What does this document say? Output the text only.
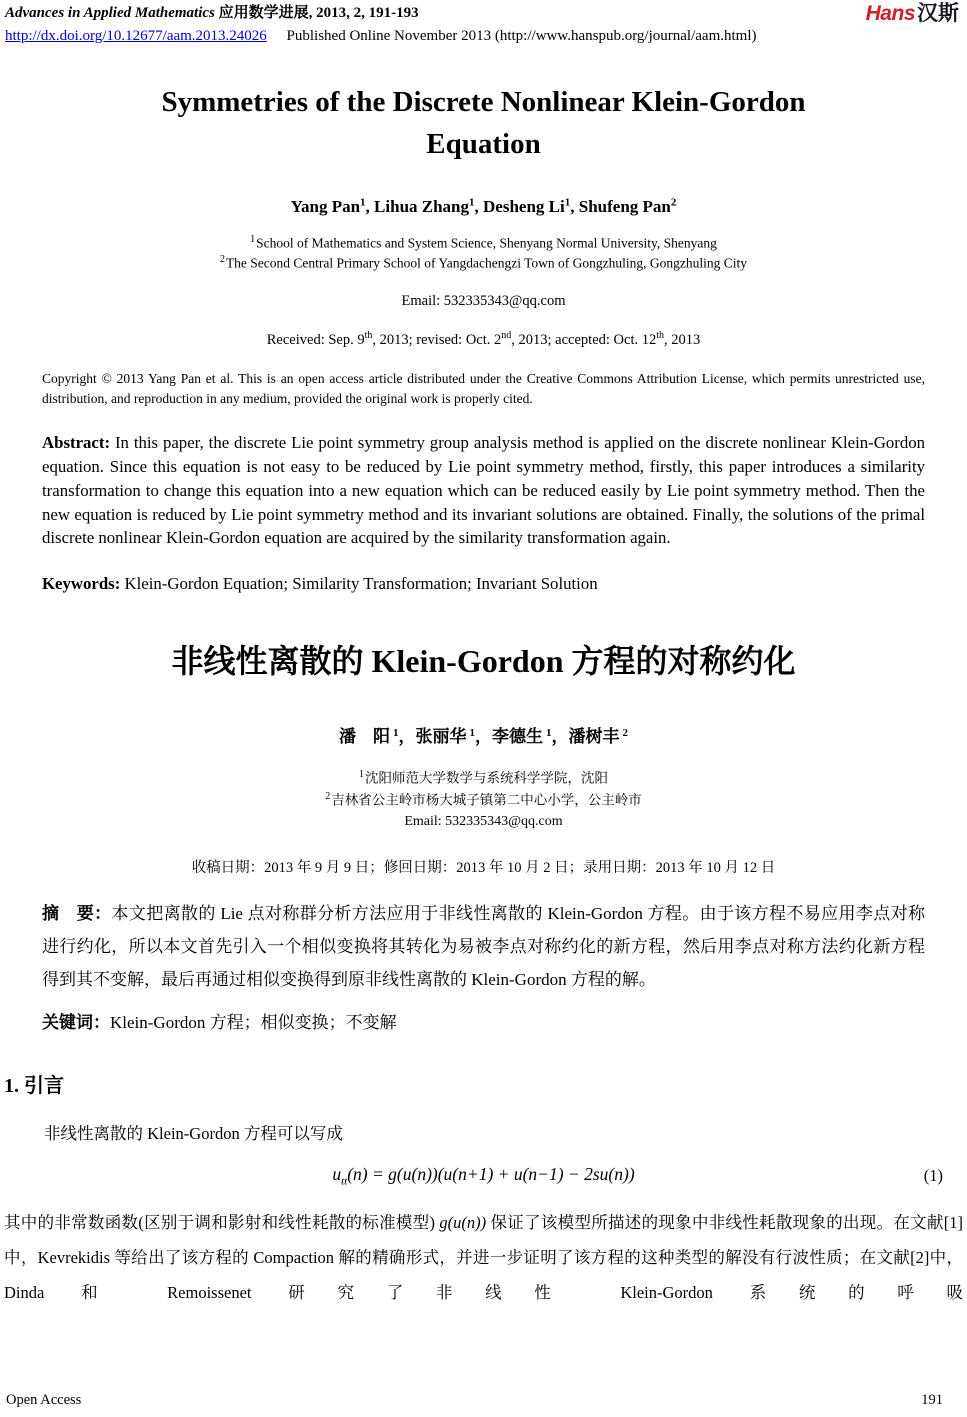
Advances in Applied Mathematics 应用数学进展, 2013, 2, 191-193	Hans汉斯
http://dx.doi.org/10.12677/aam.2013.24026 Published Online November 2013 (http://www.hanspub.org/journal/aam.html)
Symmetries of the Discrete Nonlinear Klein-Gordon
Equation
Yang Pan$^1$, Lihua Zhang$^1$, Desheng Li$^1$, Shufeng Pan$^2$
$^1$School of Mathematics and System Science, Shenyang Normal University, Shenyang
$^2$The Second Central Primary School of Yangdachengzi Town of Gongzhuling, Gongzhuling City
Email: 532335343@qq.com
Received: Sep. 9th, 2013; revised: Oct. 2nd, 2013; accepted: Oct. 12th, 2013

Copyright © 2013 Yang Pan et al. This is an open access article distributed under the Creative Commons Attribution License, which permits unrestricted use, distribution, and reproduction in any medium, provided the original work is properly cited.

Abstract: In this paper, the discrete Lie point symmetry group analysis method is applied on the discrete nonlinear Klein-Gordon equation. Since this equation is not easy to be reduced by Lie point symmetry method, firstly, this paper introduces a similarity transformation to change this equation into a new equation which can be reduced easily by Lie point symmetry method. Then the new equation is reduced by Lie point symmetry method and its invariant solutions are obtained. Finally, the solutions of the primal discrete nonlinear Klein-Gordon equation are acquired by the similarity transformation again.

Keywords: Klein-Gordon Equation; Similarity Transformation; Invariant Solution

非线性离散的 Klein-Gordon 方程的对称约化
潘　阳 $^1$，张丽华 $^1$，李德生 $^1$，潘树丰 $^2$
$^1$沈阳师范大学数学与系统科学学院，沈阳
$^2$吉林省公主岭市杨大城子镇第二中心小学，公主岭市
Email: 532335343@qq.com
收稿日期：2013 年 9 月 9 日；修回日期：2013 年 10 月 2 日；录用日期：2013 年 10 月 12 日

摘　要：本文把离散的 Lie 点对称群分析方法应用于非线性离散的 Klein-Gordon 方程。由于该方程不易应用李点对称进行约化，所以本文首先引入一个相似变换将其转化为易被李点对称约化的新方程，然后用李点对称方法约化新方程得到其不变解，最后再通过相似变换得到原非线性离散的 Klein-Gordon 方程的解。

关键词：Klein-Gordon 方程；相似变换；不变解

1. 引言

非线性离散的 Klein-Gordon 方程可以写成

$u_{tt}(n) = g(u(n))(u(n+1) + u(n-1) - 2su(n))$	(1)

其中的非常数函数(区别于调和影射和线性耗散的标准模型) g(u(n)) 保证了该模型所描述的现象中非线性耗散现象的出现。在文献[1]中，Kevrekidis 等给出了该方程的 Compaction 解的精确形式，并进一步证明了该方程的这种类型的解没有行波性质；在文献[2]中，Dinda 和 Remoissenet 研究了非线性 Klein-Gordon 系统的呼吸

Open Access	191
